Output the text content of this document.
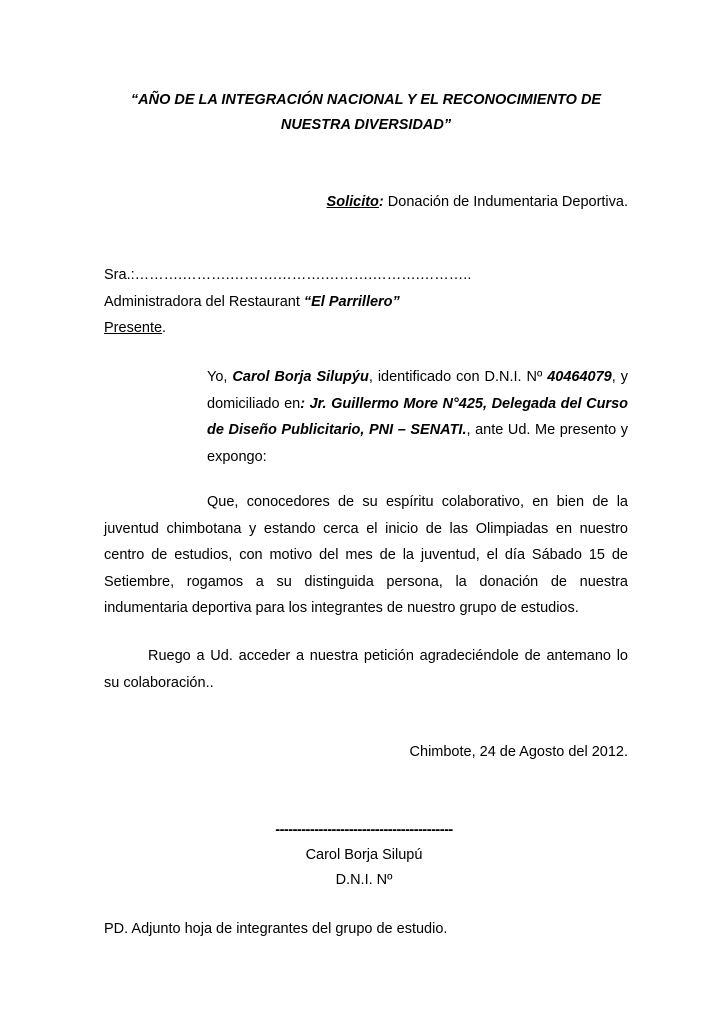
“AÑO DE LA INTEGRACIÓN NACIONAL Y EL RECONOCIMIENTO DE
NUESTRA DIVERSIDAD”
Solicito: Donación de Indumentaria Deportiva.
Sra.:……….……….……….……….……….……….………..
Administradora del Restaurant “El Parrillero”
Presente.
Yo, Carol Borja Silupýu, identificado con D.N.I. Nº 40464079, y domiciliado en: Jr. Guillermo More N°425, Delegada del Curso de Diseño Publicitario, PNI – SENATI., ante Ud. Me presento y expongo:
Que, conocedores de su espíritu colaborativo, en bien de la juventud chimbotana y estando cerca el inicio de las Olimpiadas en nuestro centro de estudios, con motivo del mes de la juventud, el día Sábado 15 de Setiembre, rogamos a su distinguida persona, la donación de nuestra indumentaria deportiva para los integrantes de nuestro grupo de estudios.
Ruego a Ud. acceder a nuestra petición agradeciéndole de antemano lo su colaboración..
Chimbote, 24 de Agosto del 2012.
-----------------------------------------
Carol Borja Silupú
D.N.I. Nº
PD. Adjunto hoja de integrantes del grupo de estudio.
